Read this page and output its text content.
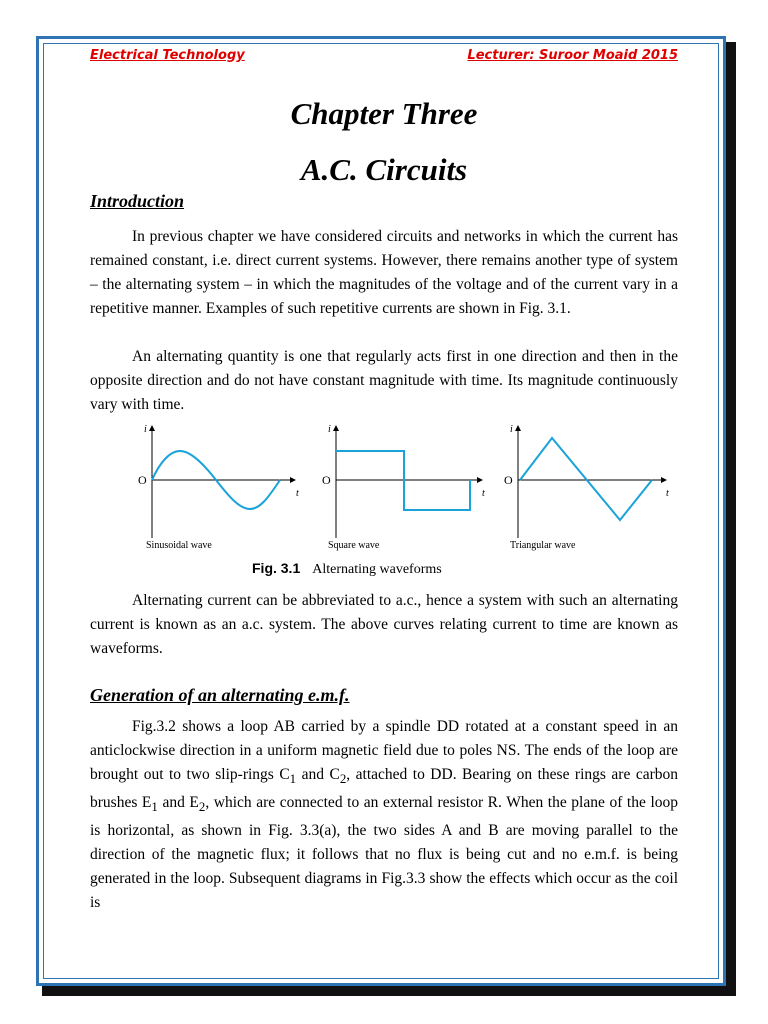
Electrical Technology	Lecturer: Suroor Moaid 2015
Chapter Three
A.C. Circuits
Introduction
In previous chapter we have considered circuits and networks in which the current has remained constant, i.e. direct current systems. However, there remains another type of system – the alternating system – in which the magnitudes of the voltage and of the current vary in a repetitive manner. Examples of such repetitive currents are shown in Fig. 3.1.
An alternating quantity is one that regularly acts first in one direction and then in the opposite direction and do not have constant magnitude with time. Its magnitude continuously vary with time.
Alternating current can be abbreviated to a.c., hence a system with such an alternating current is known as an a.c. system. The above curves relating current to time are known as waveforms.
Generation of an alternating e.m.f.
Fig.3.2 shows a loop AB carried by a spindle DD rotated at a constant speed in an anticlockwise direction in a uniform magnetic field due to poles NS. The ends of the loop are brought out to two slip-rings $C_1$ and $C_2$, attached to DD. Bearing on these rings are carbon brushes $E_1$ and $E_2$, which are connected to an external resistor R. When the plane of the loop is horizontal, as shown in Fig. 3.3(a), the two sides A and B are moving parallel to the direction of the magnetic flux; it follows that no flux is being cut and no e.m.f. is being generated in the loop. Subsequent diagrams in Fig.3.3 show the effects which occur as the coil is
i
t
O
Sinusoidal wave
i
t
O
Square wave
i
t
O
Triangular wave
Fig. 3.1 Alternating waveforms
